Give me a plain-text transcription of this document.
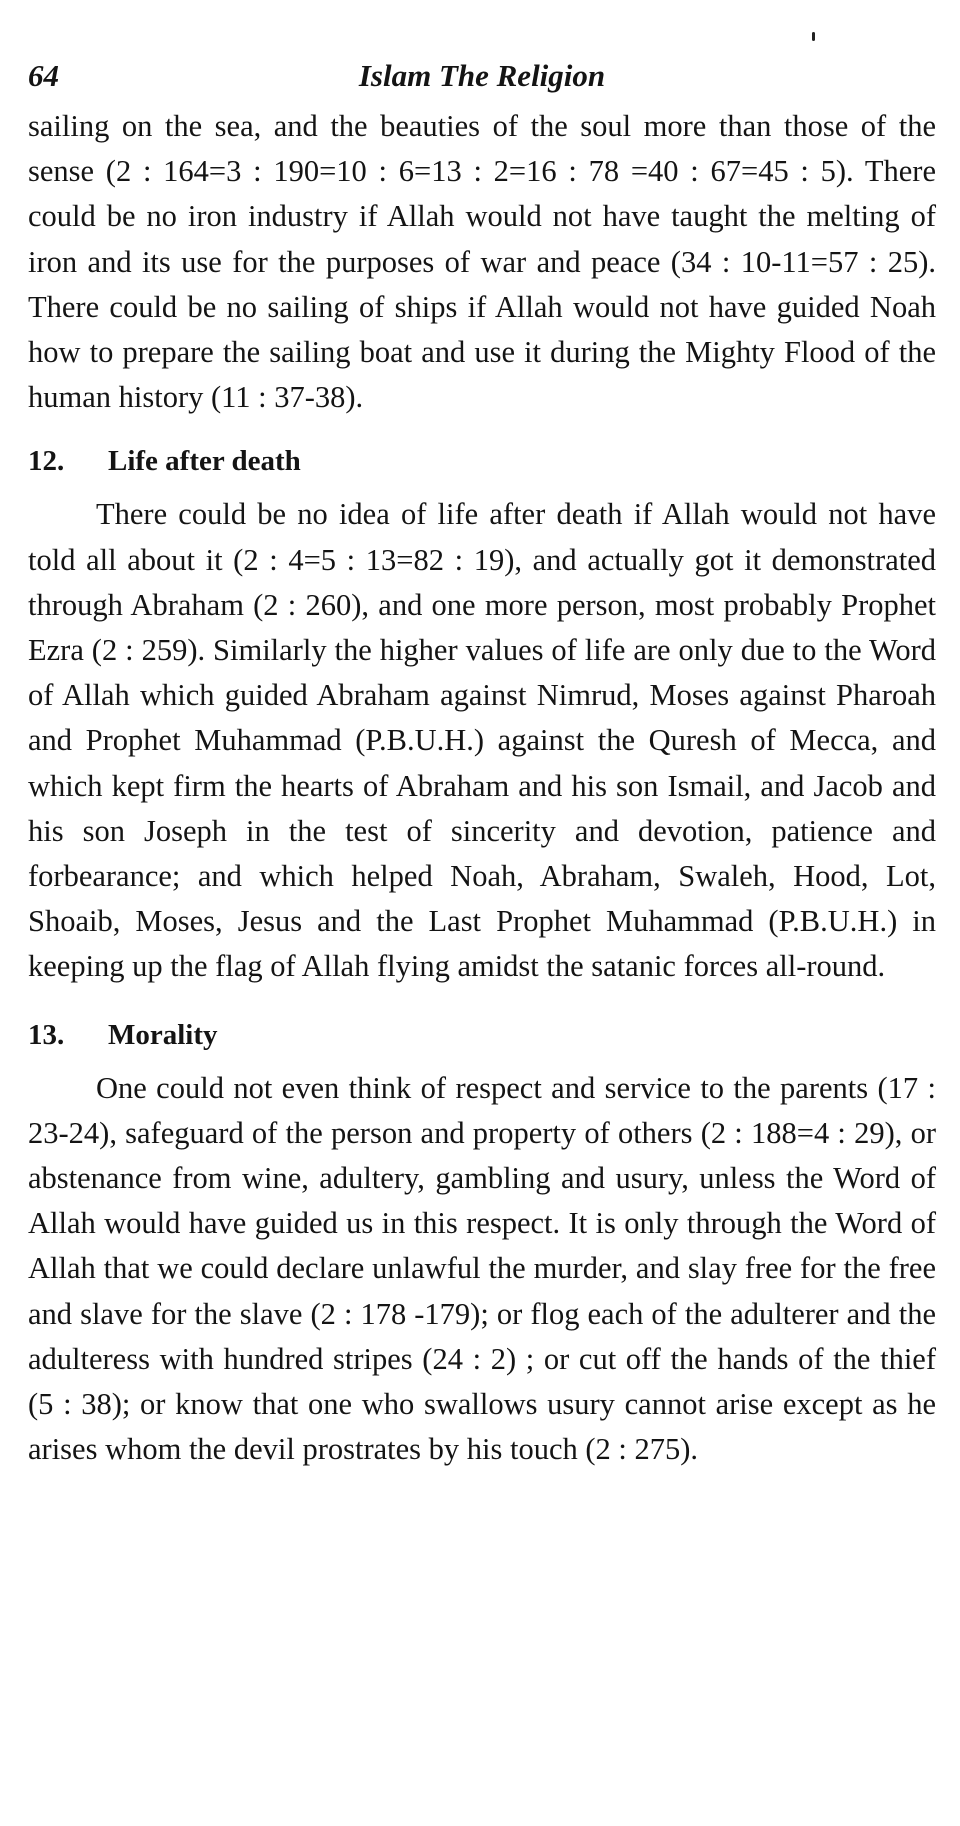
64	Islam The Religion

sailing on the sea, and the beauties of the soul more than those of the sense (2 : 164=3 : 190=10 : 6=13 : 2=16 : 78 =40 : 67=45 : 5). There could be no iron industry if Allah would not have taught the melting of iron and its use for the purposes of war and peace (34 : 10-11=57 : 25). There could be no sailing of ships if Allah would not have guided Noah how to prepare the sailing boat and use it during the Mighty Flood of the human history (11 : 37-38).

12. Life after death

There could be no idea of life after death if Allah would not have told all about it (2 : 4=5 : 13=82 : 19), and actually got it demonstrated through Abraham (2 : 260), and one more person, most probably Prophet Ezra (2 : 259). Similarly the higher values of life are only due to the Word of Allah which guided Abraham against Nimrud, Moses against Pharoah and Prophet Muhammad (P.B.U.H.) against the Quresh of Mecca, and which kept firm the hearts of Abraham and his son Ismail, and Jacob and his son Joseph in the test of sincerity and devotion, patience and forbearance; and which helped Noah, Abraham, Swaleh, Hood, Lot, Shoaib, Moses, Jesus and the Last Prophet Muhammad (P.B.U.H.) in keeping up the flag of Allah flying amidst the satanic forces all-round.

13. Morality

One could not even think of respect and service to the parents (17 : 23-24), safeguard of the person and property of others (2 : 188=4 : 29), or abstenance from wine, adultery, gambling and usury, unless the Word of Allah would have guided us in this respect. It is only through the Word of Allah that we could declare unlawful the murder, and slay free for the free and slave for the slave (2 : 178 -179); or flog each of the adulterer and the adulteress with hundred stripes (24 : 2) ; or cut off the hands of the thief (5 : 38); or know that one who swallows usury cannot arise except as he arises whom the devil prostrates by his touch (2 : 275).
